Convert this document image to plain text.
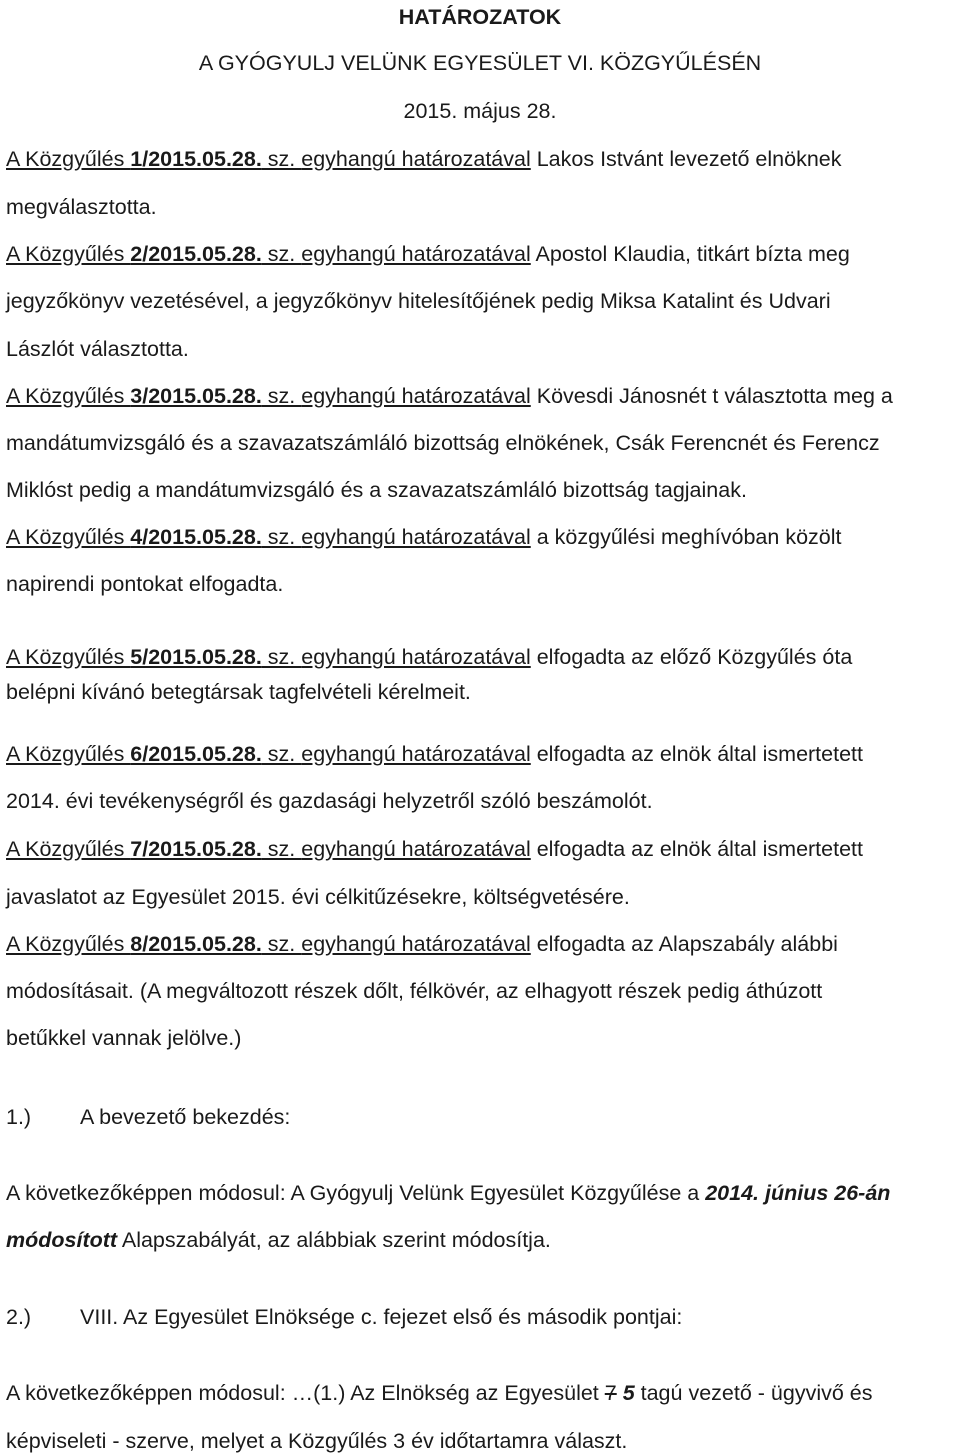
HATÁROZATOK
A GYÓGYULJ VELÜNK EGYESÜLET VI. KÖZGYŰLÉSÉN
2015. május 28.
A Közgyűlés 1/2015.05.28. sz. egyhangú határozatával Lakos Istvánt levezető elnöknek
megválasztotta.
A Közgyűlés 2/2015.05.28. sz. egyhangú határozatával Apostol Klaudia, titkárt bízta meg
jegyzőkönyv vezetésével, a jegyzőkönyv hitelesítőjének pedig Miksa Katalint és Udvari
Lászlót választotta.
A Közgyűlés 3/2015.05.28. sz. egyhangú határozatával Kövesdi Jánosnét t választotta meg a
mandátumvizsgáló és a szavazatszámláló bizottság elnökének, Csák Ferencnét és Ferencz
Miklóst pedig a mandátumvizsgáló és a szavazatszámláló bizottság tagjainak.
A Közgyűlés 4/2015.05.28. sz. egyhangú határozatával a közgyűlési meghívóban közölt
napirendi pontokat elfogadta.
A Közgyűlés 5/2015.05.28. sz. egyhangú határozatával elfogadta az előző Közgyűlés óta
belépni kívánó betegtársak tagfelvételi kérelmeit.
A Közgyűlés 6/2015.05.28. sz. egyhangú határozatával elfogadta az elnök által ismertetett
2014. évi tevékenységről és gazdasági helyzetről szóló beszámolót.
A Közgyűlés 7/2015.05.28. sz. egyhangú határozatával elfogadta az elnök által ismertetett
javaslatot az Egyesület 2015. évi célkitűzésekre, költségvetésére.
A Közgyűlés 8/2015.05.28. sz. egyhangú határozatával elfogadta az Alapszabály alábbi
módosításait. (A megváltozott részek dőlt, félkövér, az elhagyott részek pedig áthúzott
betűkkel vannak jelölve.)
1.) A bevezető bekezdés:
A következőképpen módosul: A Gyógyulj Velünk Egyesület Közgyűlése a 2014. június 26-án
módosított Alapszabályát, az alábbiak szerint módosítja.
2.) VIII. Az Egyesület Elnöksége c. fejezet első és második pontjai:
A következőképpen módosul: …(1.) Az Elnökség az Egyesület 7 5 tagú vezető - ügyvivő és
képviseleti - szerve, melyet a Közgyűlés 3 év időtartamra választ.
